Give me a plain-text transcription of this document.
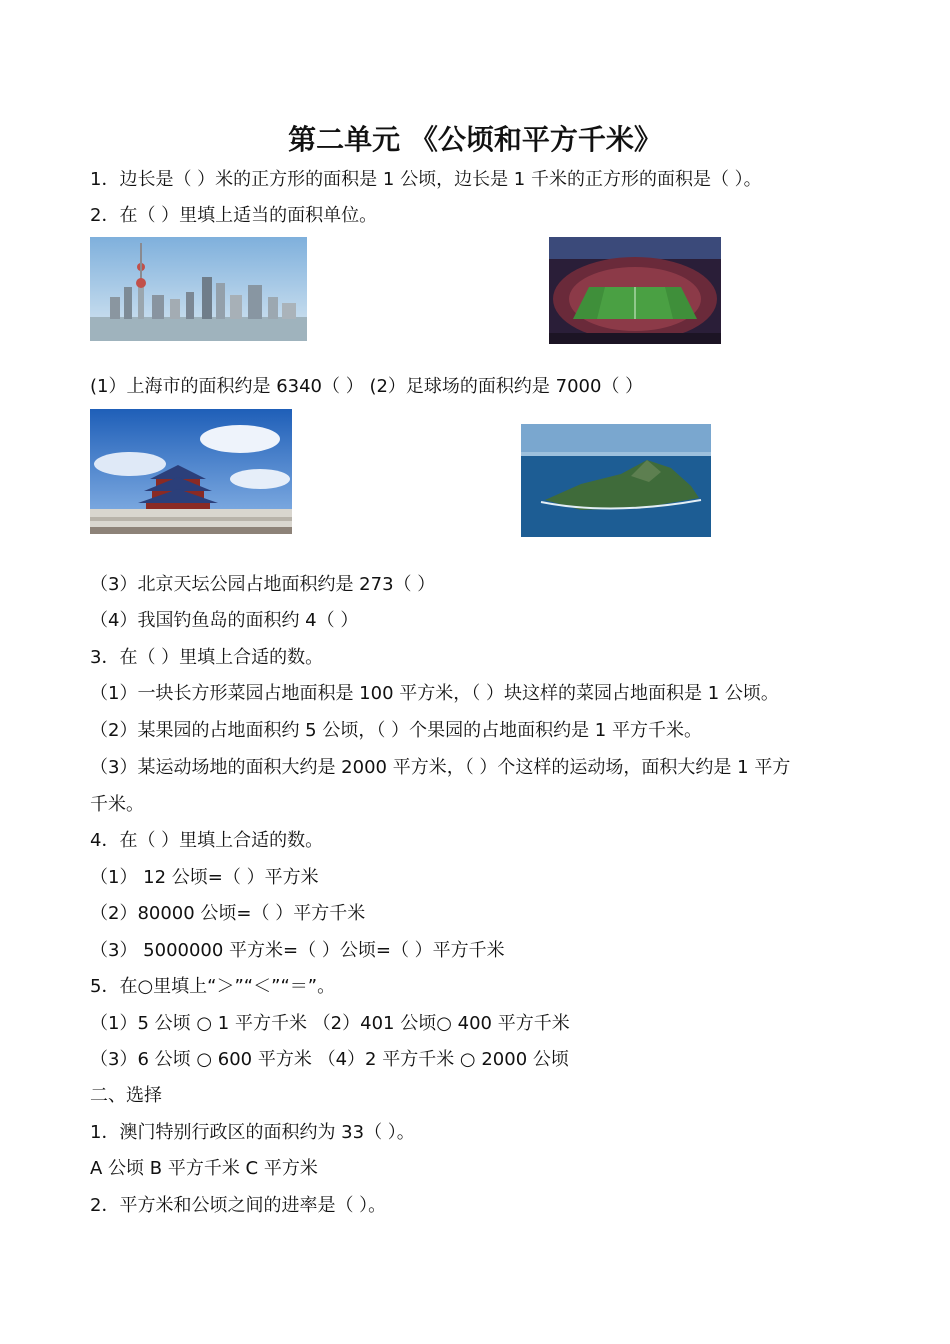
第二单元 《公顷和平方千米》
1．边长是（ ）米的正方形的面积是 1 公顷，边长是 1 千米的正方形的面积是（ ）。
2．在（ ）里填上适当的面积单位。
(1）上海市的面积约是 6340（ ） (2）足球场的面积约是 7000（ ）
（3）北京天坛公园占地面积约是 273（ ）
（4）我国钓鱼岛的面积约 4（ ）
3．在（ ）里填上合适的数。
（1）一块长方形菜园占地面积是 100 平方米，（ ）块这样的菜园占地面积是 1 公顷。
（2）某果园的占地面积约 5 公顷，（ ）个果园的占地面积约是 1 平方千米。
（3）某运动场地的面积大约是 2000 平方米，（ ）个这样的运动场，面积大约是 1 平方
千米。
4．在（ ）里填上合适的数。
（1） 12 公顷=（ ）平方米
（2）80000 公顷=（ ）平方千米
（3） 5000000 平方米=（ ）公顷=（ ）平方千米
5．在○里填上“＞”“＜”“＝”。
（1）5 公顷 ○ 1 平方千米 （2）401 公顷○ 400 平方千米
（3）6 公顷 ○ 600 平方米 （4）2 平方千米 ○ 2000 公顷
二、选择
1．澳门特别行政区的面积约为 33（ ）。
A 公顷 B 平方千米 C 平方米
2．平方米和公顷之间的进率是（ ）。
